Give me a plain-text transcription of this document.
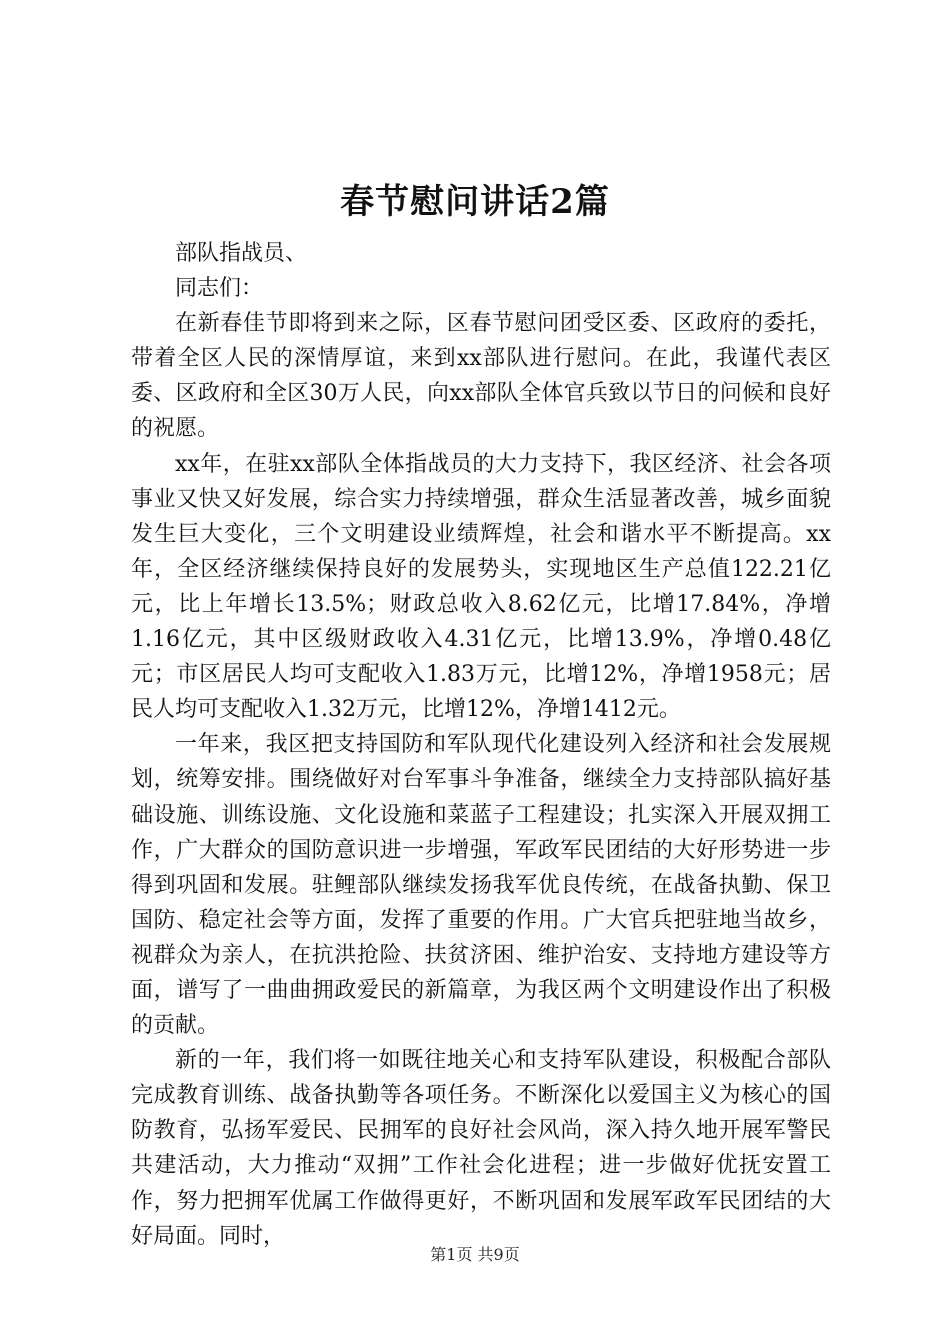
春节慰问讲话2篇

部队指战员、

同志们：

在新春佳节即将到来之际，区春节慰问团受区委、区政府的委托，带着全区人民的深情厚谊，来到xx部队进行慰问。在此，我谨代表区委、区政府和全区30万人民，向xx部队全体官兵致以节日的问候和良好的祝愿。

xx年，在驻xx部队全体指战员的大力支持下，我区经济、社会各项事业又快又好发展，综合实力持续增强，群众生活显著改善，城乡面貌发生巨大变化，三个文明建设业绩辉煌，社会和谐水平不断提高。xx年，全区经济继续保持良好的发展势头，实现地区生产总值122.21亿元，比上年增长13.5%；财政总收入8.62亿元，比增17.84%，净增1.16亿元，其中区级财政收入4.31亿元，比增13.9%，净增0.48亿元；市区居民人均可支配收入1.83万元，比增12%，净增1958元；居民人均可支配收入1.32万元，比增12%，净增1412元。

一年来，我区把支持国防和军队现代化建设列入经济和社会发展规划，统筹安排。围绕做好对台军事斗争准备，继续全力支持部队搞好基础设施、训练设施、文化设施和菜蓝子工程建设；扎实深入开展双拥工作，广大群众的国防意识进一步增强，军政军民团结的大好形势进一步得到巩固和发展。驻鲤部队继续发扬我军优良传统，在战备执勤、保卫国防、稳定社会等方面，发挥了重要的作用。广大官兵把驻地当故乡，视群众为亲人，在抗洪抢险、扶贫济困、维护治安、支持地方建设等方面，谱写了一曲曲拥政爱民的新篇章，为我区两个文明建设作出了积极的贡献。

新的一年，我们将一如既往地关心和支持军队建设，积极配合部队完成教育训练、战备执勤等各项任务。不断深化以爱国主义为核心的国防教育，弘扬军爱民、民拥军的良好社会风尚，深入持久地开展军警民共建活动，大力推动“双拥”工作社会化进程；进一步做好优抚安置工作，努力把拥军优属工作做得更好，不断巩固和发展军政军民团结的大好局面。同时，

第1页 共9页
